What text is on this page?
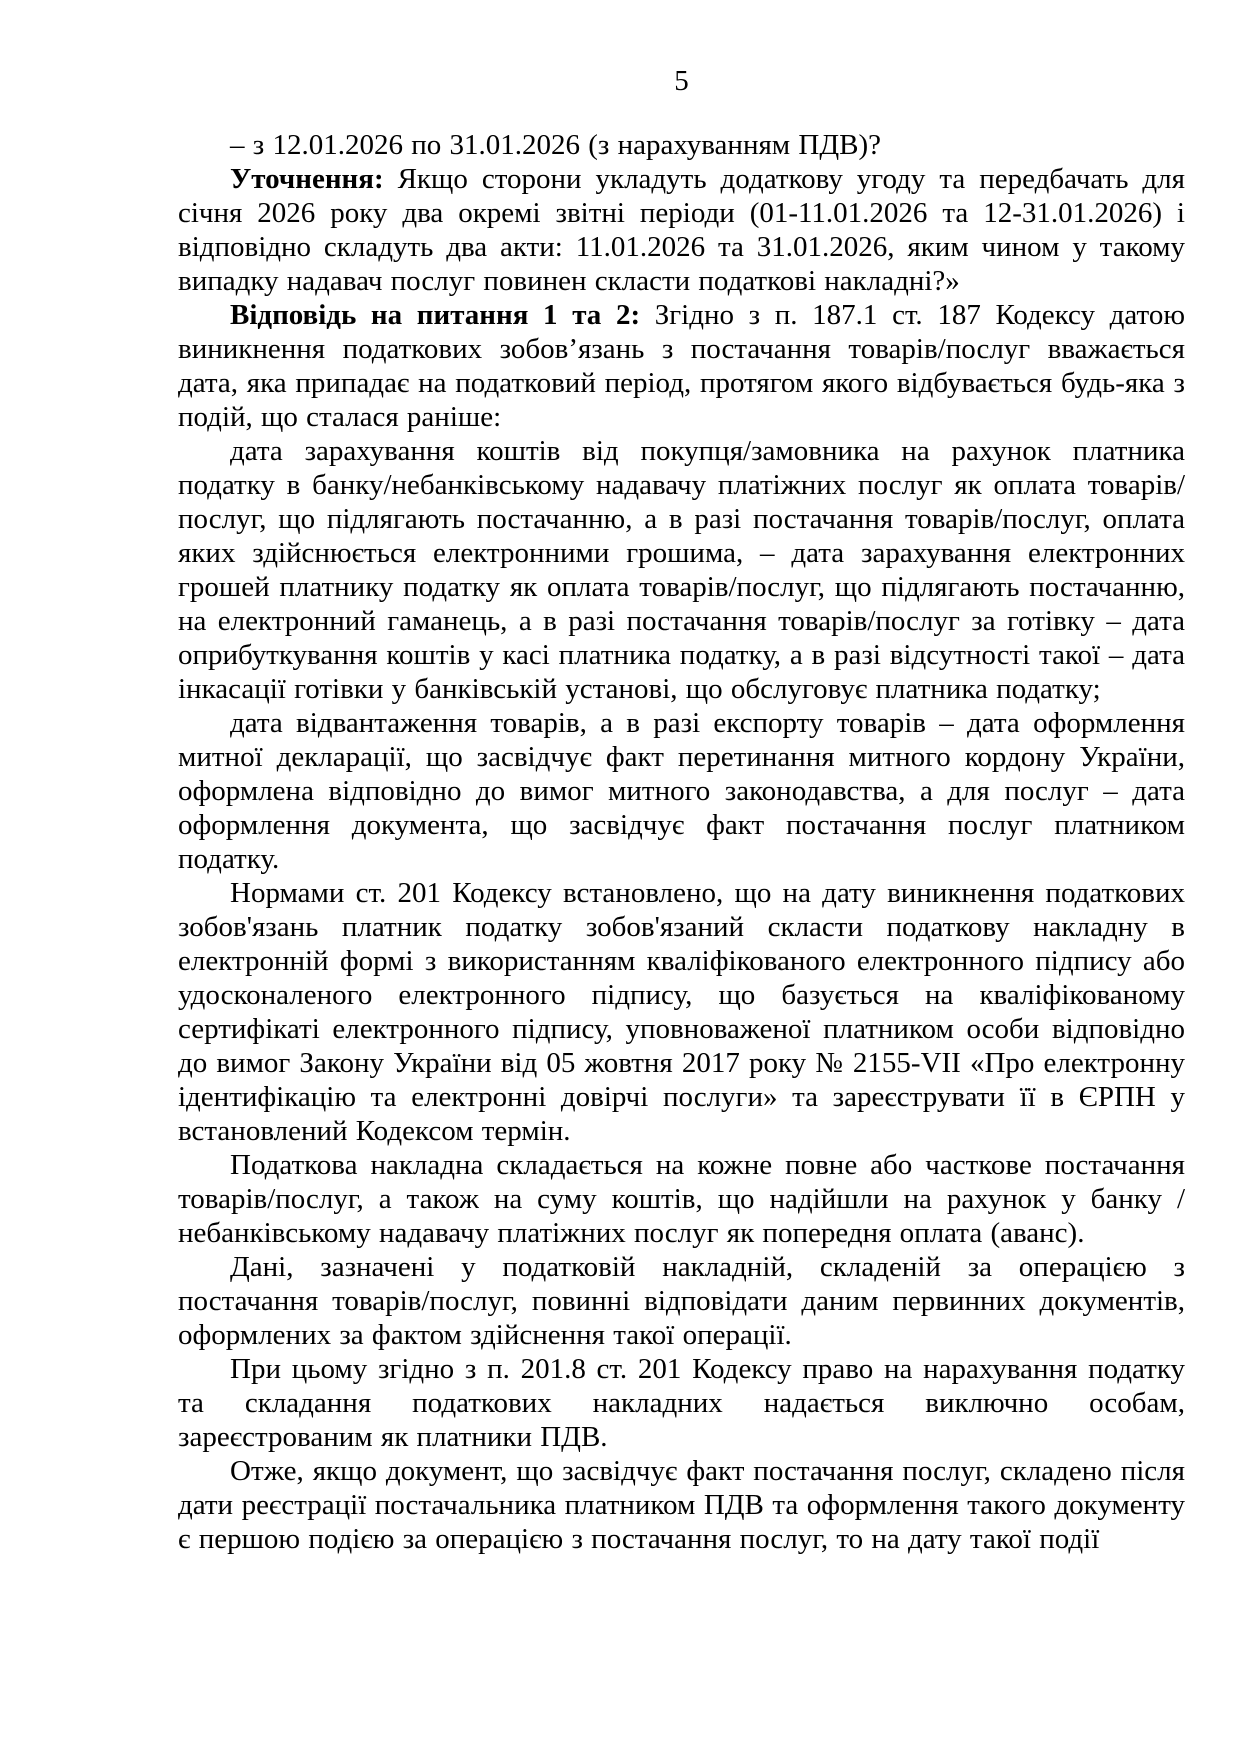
5

– з 12.01.2026 по 31.01.2026 (з нарахуванням ПДВ)?

Уточнення: Якщо сторони укладуть додаткову угоду та передбачать для січня 2026 року два окремі звітні періоди (01-11.01.2026 та 12-31.01.2026) і відповідно складуть два акти: 11.01.2026 та 31.01.2026, яким чином у такому випадку надавач послуг повинен скласти податкові накладні?»

Відповідь на питання 1 та 2: Згідно з п. 187.1 ст. 187 Кодексу датою виникнення податкових зобов’язань з постачання товарів/послуг вважається дата, яка припадає на податковий період, протягом якого відбувається будь-яка з подій, що сталася раніше:

дата зарахування коштів від покупця/замовника на рахунок платника податку в банку/небанківському надавачу платіжних послуг як оплата товарів/послуг, що підлягають постачанню, а в разі постачання товарів/послуг, оплата яких здійснюється електронними грошима, – дата зарахування електронних грошей платнику податку як оплата товарів/послуг, що підлягають постачанню, на електронний гаманець, а в разі постачання товарів/послуг за готівку – дата оприбуткування коштів у касі платника податку, а в разі відсутності такої – дата інкасації готівки у банківській установі, що обслуговує платника податку;

дата відвантаження товарів, а в разі експорту товарів – дата оформлення митної декларації, що засвідчує факт перетинання митного кордону України, оформлена відповідно до вимог митного законодавства, а для послуг – дата оформлення документа, що засвідчує факт постачання послуг платником податку.

Нормами ст. 201 Кодексу встановлено, що на дату виникнення податкових зобов'язань платник податку зобов'язаний скласти податкову накладну в електронній формі з використанням кваліфікованого електронного підпису або удосконаленого електронного підпису, що базується на кваліфікованому сертифікаті електронного підпису, уповноваженої платником особи відповідно до вимог Закону України від 05 жовтня 2017 року № 2155-VII «Про електронну ідентифікацію та електронні довірчі послуги» та зареєструвати її в ЄРПН у встановлений Кодексом термін.

Податкова накладна складається на кожне повне або часткове постачання товарів/послуг, а також на суму коштів, що надійшли на рахунок у банку / небанківському надавачу платіжних послуг як попередня оплата (аванс).

Дані, зазначені у податковій накладній, складеній за операцією з постачання товарів/послуг, повинні відповідати даним первинних документів, оформлених за фактом здійснення такої операції.

При цьому згідно з п. 201.8 ст. 201 Кодексу право на нарахування податку та складання податкових накладних надається виключно особам, зареєстрованим як платники ПДВ.

Отже, якщо документ, що засвідчує факт постачання послуг, складено після дати реєстрації постачальника платником ПДВ та оформлення такого документу є першою подією за операцією з постачання послуг, то на дату такої події
